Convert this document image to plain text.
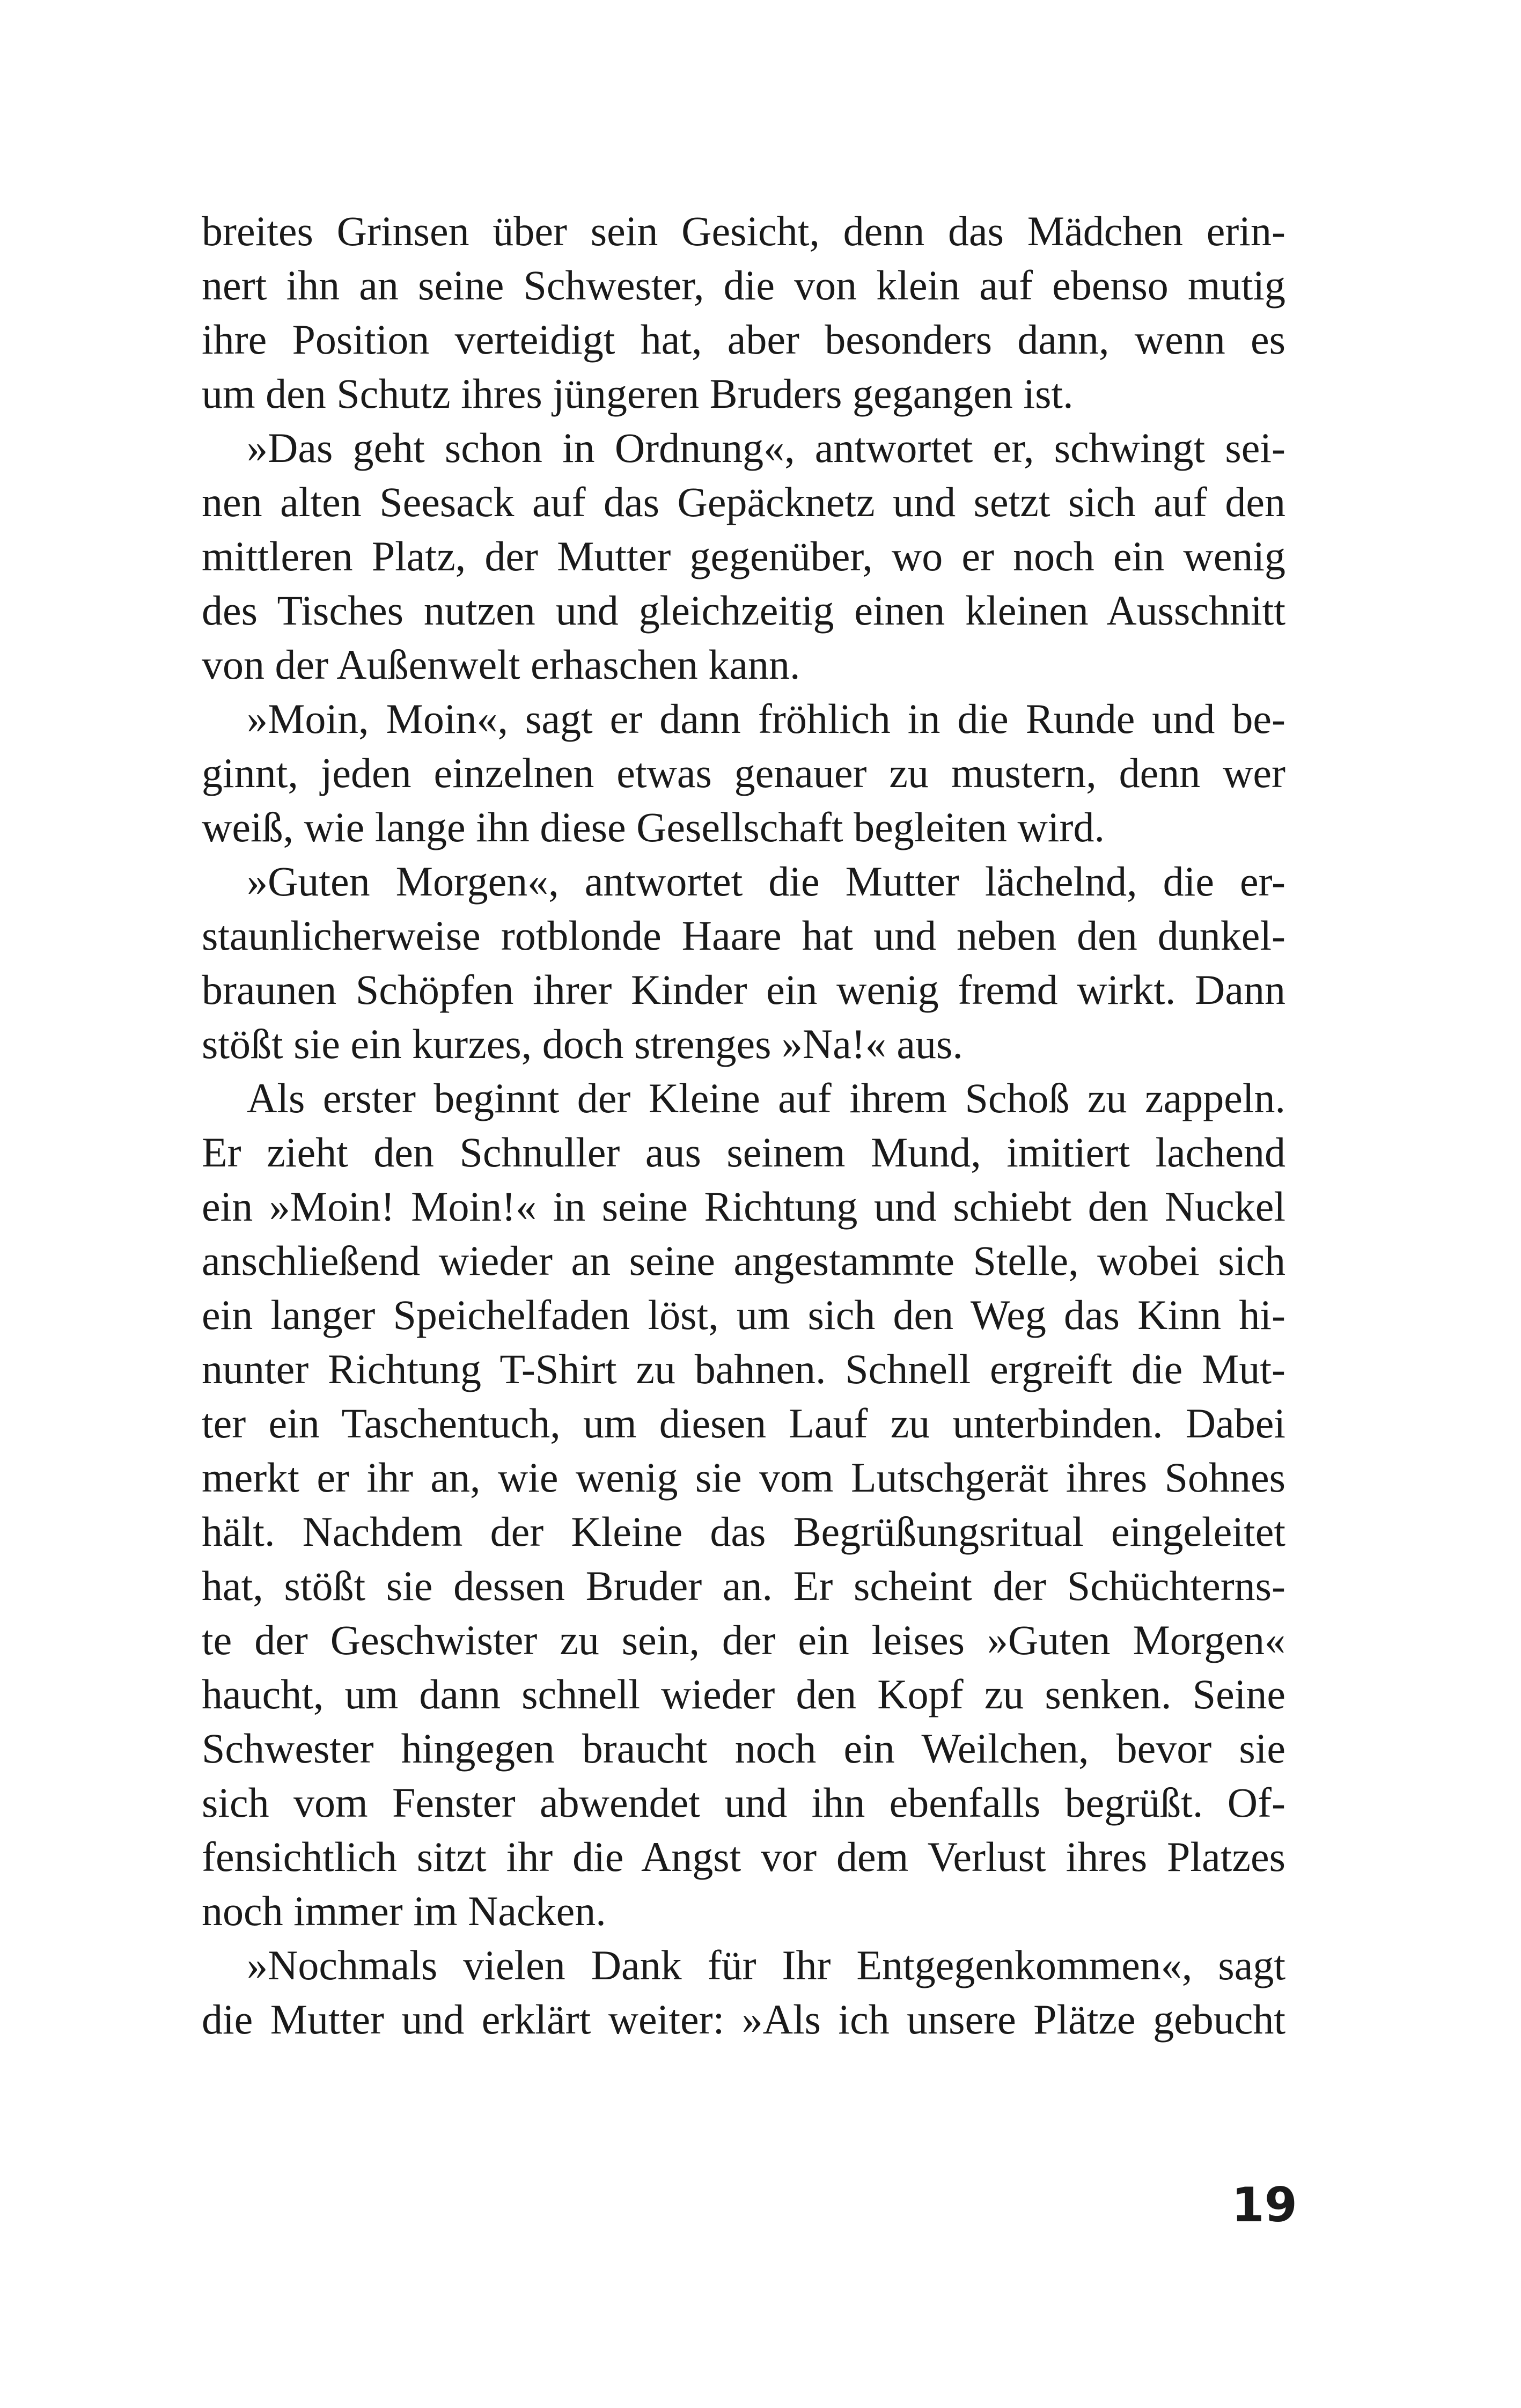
breites Grinsen über sein Gesicht, denn das Mädchen erin-
nert ihn an seine Schwester, die von klein auf ebenso mutig
ihre Position verteidigt hat, aber besonders dann, wenn es
um den Schutz ihres jüngeren Bruders gegangen ist.
»Das geht schon in Ordnung«, antwortet er, schwingt sei-
nen alten Seesack auf das Gepäcknetz und setzt sich auf den
mittleren Platz, der Mutter gegenüber, wo er noch ein wenig
des Tisches nutzen und gleichzeitig einen kleinen Ausschnitt
von der Außenwelt erhaschen kann.
»Moin, Moin«, sagt er dann fröhlich in die Runde und be-
ginnt, jeden einzelnen etwas genauer zu mustern, denn wer
weiß, wie lange ihn diese Gesellschaft begleiten wird.
»Guten Morgen«, antwortet die Mutter lächelnd, die er-
staunlicherweise rotblonde Haare hat und neben den dunkel-
braunen Schöpfen ihrer Kinder ein wenig fremd wirkt. Dann
stößt sie ein kurzes, doch strenges »Na!« aus.
Als erster beginnt der Kleine auf ihrem Schoß zu zappeln.
Er zieht den Schnuller aus seinem Mund, imitiert lachend
ein »Moin! Moin!« in seine Richtung und schiebt den Nuckel
anschließend wieder an seine angestammte Stelle, wobei sich
ein langer Speichelfaden löst, um sich den Weg das Kinn hi-
nunter Richtung T-Shirt zu bahnen. Schnell ergreift die Mut-
ter ein Taschentuch, um diesen Lauf zu unterbinden. Dabei
merkt er ihr an, wie wenig sie vom Lutschgerät ihres Sohnes
hält. Nachdem der Kleine das Begrüßungsritual eingeleitet
hat, stößt sie dessen Bruder an. Er scheint der Schüchterns-
te der Geschwister zu sein, der ein leises »Guten Morgen«
haucht, um dann schnell wieder den Kopf zu senken. Seine
Schwester hingegen braucht noch ein Weilchen, bevor sie
sich vom Fenster abwendet und ihn ebenfalls begrüßt. Of-
fensichtlich sitzt ihr die Angst vor dem Verlust ihres Platzes
noch immer im Nacken.
»Nochmals vielen Dank für Ihr Entgegenkommen«, sagt
die Mutter und erklärt weiter: »Als ich unsere Plätze gebucht
19
